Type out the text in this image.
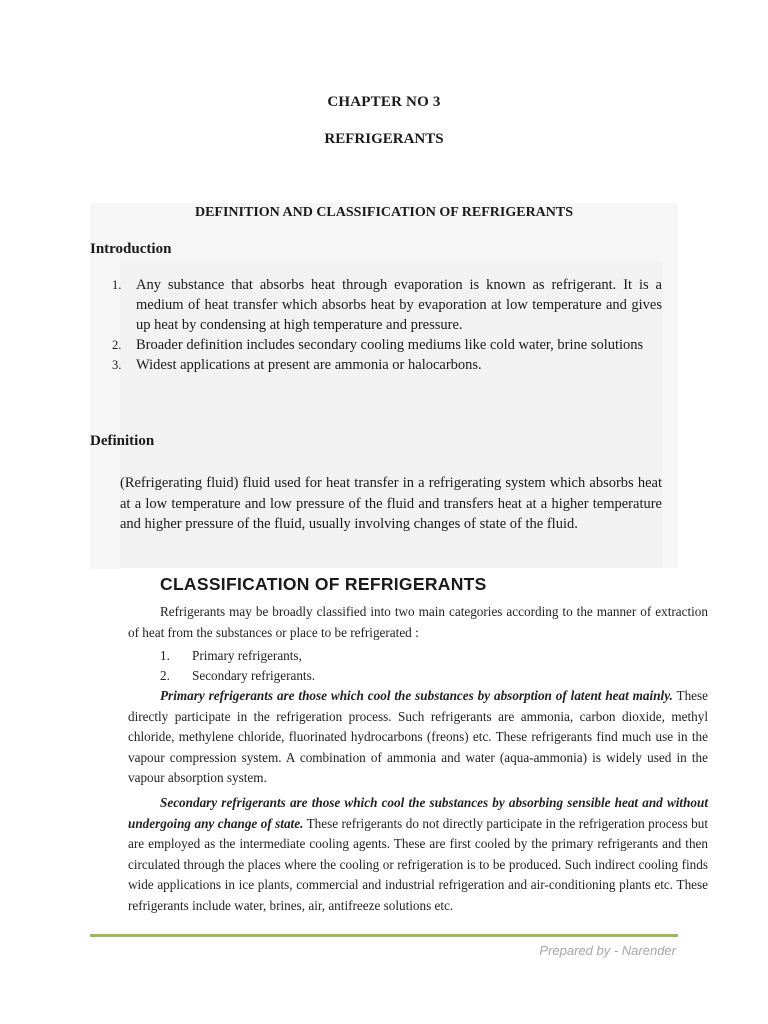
CHAPTER NO 3
REFRIGERANTS
DEFINITION AND CLASSIFICATION OF REFRIGERANTS
Introduction
1. Any substance that absorbs heat through evaporation is known as refrigerant. It is a medium of heat transfer which absorbs heat by evaporation at low temperature and gives up heat by condensing at high temperature and pressure.
2. Broader definition includes secondary cooling mediums like cold water, brine solutions
3. Widest applications at present are ammonia or halocarbons.
Definition
(Refrigerating fluid) fluid used for heat transfer in a refrigerating system which absorbs heat at a low temperature and low pressure of the fluid and transfers heat at a higher temperature and higher pressure of the fluid, usually involving changes of state of the fluid.
CLASSIFICATION OF REFRIGERANTS
Refrigerants may be broadly classified into two main categories according to the manner of extraction of heat from the substances or place to be refrigerated :
1. Primary refrigerants,
2. Secondary refrigerants.
Primary refrigerants are those which cool the substances by absorption of latent heat mainly. These directly participate in the refrigeration process. Such refrigerants are ammonia, carbon dioxide, methyl chloride, methylene chloride, fluorinated hydrocarbons (freons) etc. These refrigerants find much use in the vapour compression system. A combination of ammonia and water (aqua-ammonia) is widely used in the vapour absorption system.
Secondary refrigerants are those which cool the substances by absorbing sensible heat and without undergoing any change of state. These refrigerants do not directly participate in the refrigeration process but are employed as the intermediate cooling agents. These are first cooled by the primary refrigerants and then circulated through the places where the cooling or refrigeration is to be produced. Such indirect cooling finds wide applications in ice plants, commercial and industrial refrigeration and air-conditioning plants etc. These refrigerants include water, brines, air, antifreeze solutions etc.
Prepared by - Narender
